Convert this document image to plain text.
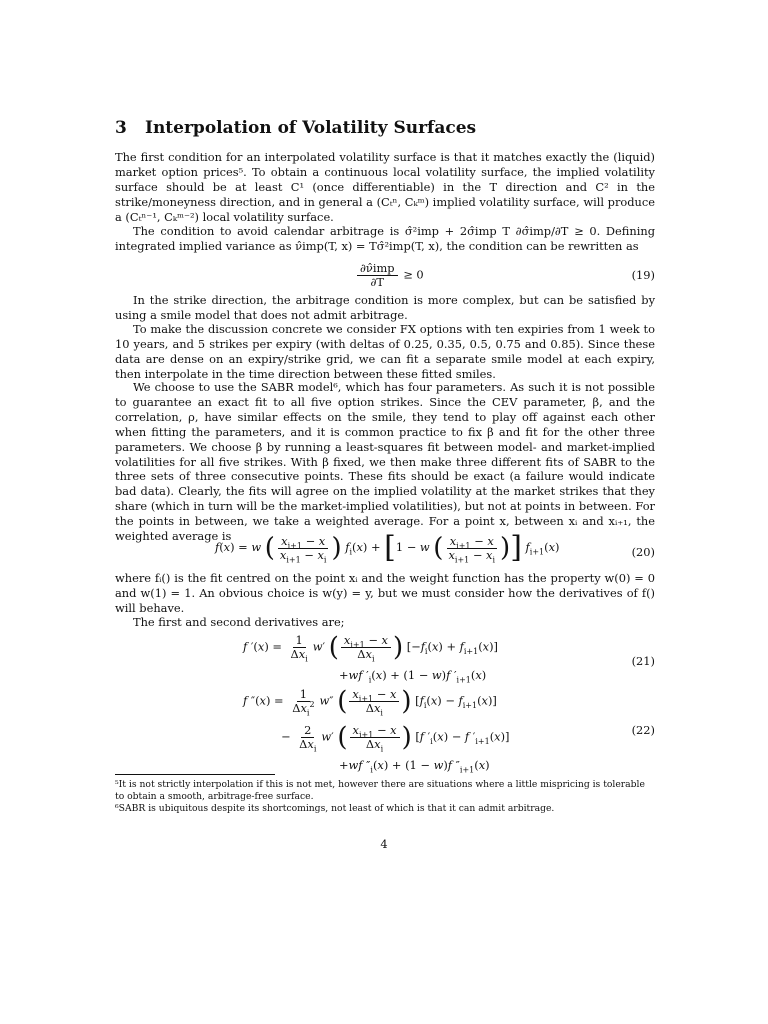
3 Interpolation of Volatility Surfaces

The first condition for an interpolated volatility surface is that it matches exactly the (liquid) market option prices⁵. To obtain a continuous local volatility surface, the implied volatility surface should be at least C¹ (once differentiable) in the T direction and C² in the strike/moneyness direction, and in general a (Cₜⁿ, Cₖᵐ) implied volatility surface, will produce a (Cₜⁿ⁻¹, Cₖᵐ⁻²) local volatility surface.

The condition to avoid calendar arbitrage is σ̂²imp + 2σ̂imp T ∂σ̂imp/∂T ≥ 0. Defining integrated implied variance as ν̂imp(T, x) = Tσ̂²imp(T, x), the condition can be rewritten as

$\frac{\text{∂ν̂imp}}{\partial T} \ge 0$	(19)

In the strike direction, the arbitrage condition is more complex, but can be satisfied by using a smile model that does not admit arbitrage.

To make the discussion concrete we consider FX options with ten expiries from 1 week to 10 years, and 5 strikes per expiry (with deltas of 0.25, 0.35, 0.5, 0.75 and 0.85). Since these data are dense on an expiry/strike grid, we can fit a separate smile model at each expiry, then interpolate in the time direction between these fitted smiles.

We choose to use the SABR model⁶, which has four parameters. As such it is not possible to guarantee an exact fit to all five option strikes. Since the CEV parameter, β, and the correlation, ρ, have similar effects on the smile, they tend to play off against each other when fitting the parameters, and it is common practice to fix β and fit for the other three parameters. We choose β by running a least-squares fit between model- and market-implied volatilities for all five strikes. With β fixed, we then make three different fits of SABR to the three sets of three consecutive points. These fits should be exact (a failure would indicate bad data). Clearly, the fits will agree on the implied volatility at the market strikes that they share (which in turn will be the market-implied volatilities), but not at points in between. For the points in between, we take a weighted average. For a point x, between xᵢ and xᵢ₊₁, the weighted average is

f(x) = w ( $\frac{x_{i+1} - x}{x_{i+1} - x_i}$ ) $f_i(x) + [1 - w$ ( $\frac{x_{i+1} - x}{x_{i+1} - x_i}$ )] $f_{i+1}(x)$	(20)

where fᵢ() is the fit centred on the point xᵢ and the weight function has the property w(0) = 0 and w(1) = 1. An obvious choice is w(y) = y, but we must consider how the derivatives of f() will behave.

The first and second derivatives are;

f $'(x) = \frac{1}{\Delta x_i} w'$ ( $\frac{x_{i+1} - x}{\Delta x_i}$ ) $[-f_i(x) + f_{i+1}(x)]$
+wf $'_i(x) + (1 - w)f$ $'_{i+1}(x)$
(21)
f $''(x) = \frac{1}{\Delta x_i^2} w''$ ( $\frac{x_{i+1} - x}{\Delta x_i}$ ) $[f_i(x) - f_{i+1}(x)]$
− $\frac{2}{\Delta x_i} w'$ ( $\frac{x_{i+1} - x}{\Delta x_i}$ ) [f $'_i(x) - f$ $'_{i+1}(x)$]
+wf $''_i(x) + (1 - w)f$ $''_{i+1}(x)$
(22)
⁵It is not strictly interpolation if this is not met, however there are situations where a little mispricing is tolerable to obtain a smooth, arbitrage-free surface.
⁶SABR is ubiquitous despite its shortcomings, not least of which is that it can admit arbitrage.
4
